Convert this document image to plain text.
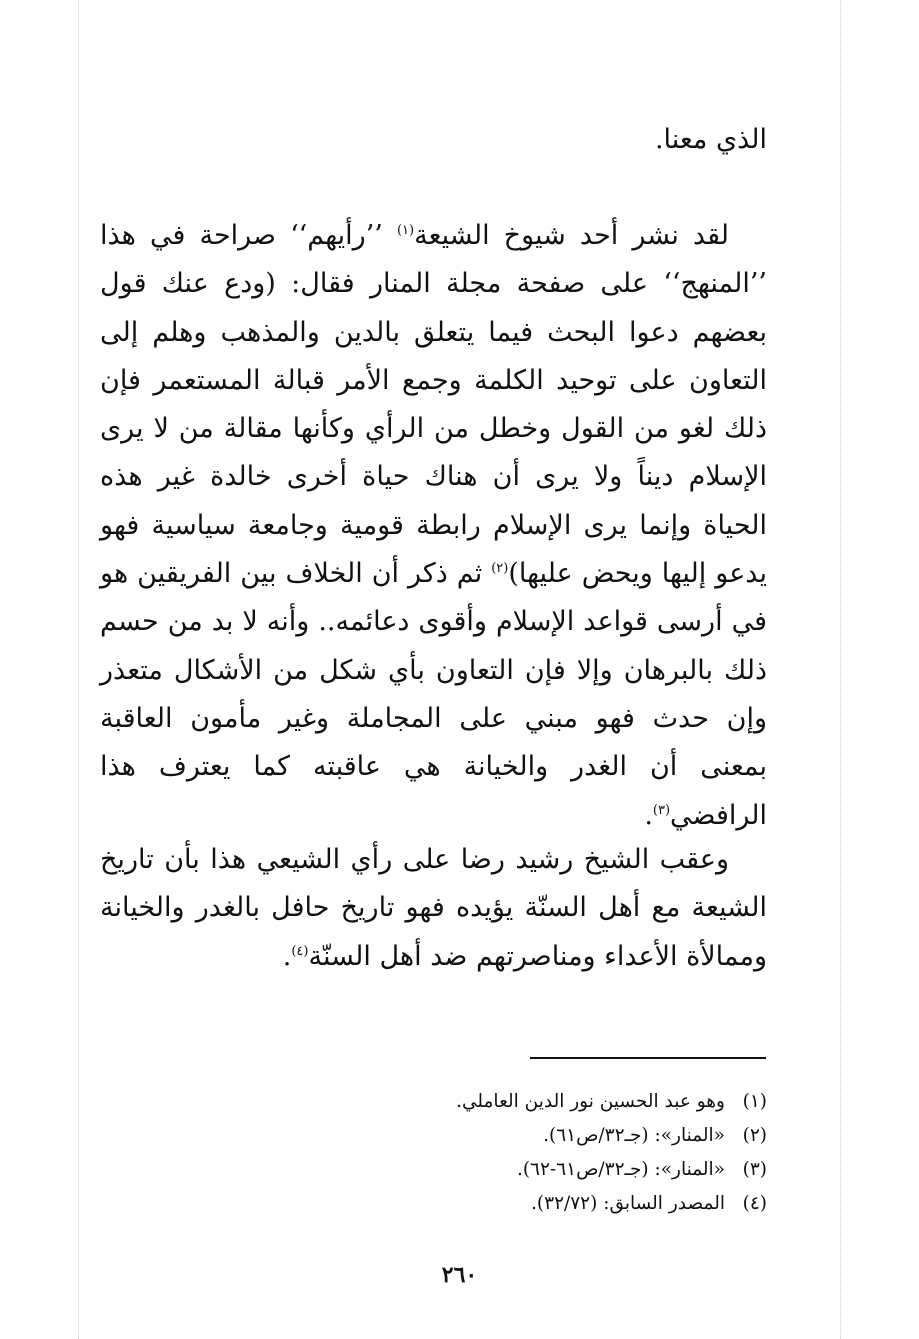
الذي معنا.

لقد نشر أحد شيوخ الشيعة$^{(١)}$ ’’رأيهم‘‘ صراحة في هذا ’’المنهج‘‘ على صفحة مجلة المنار فقال: (ودع عنك قول بعضهم دعوا البحث فيما يتعلق بالدين والمذهب وهلم إلى التعاون على توحيد الكلمة وجمع الأمر قبالة المستعمر فإن ذلك لغو من القول وخطل من الرأي وكأنها مقالة من لا يرى الإسلام ديناً ولا يرى أن هناك حياة أخرى خالدة غير هذه الحياة وإنما يرى الإسلام رابطة قومية وجامعة سياسية فهو يدعو إليها ويحض عليها)$^{(٢)}$ ثم ذكر أن الخلاف بين الفريقين هو في أرسى قواعد الإسلام وأقوى دعائمه.. وأنه لا بد من حسم ذلك بالبرهان وإلا فإن التعاون بأي شكل من الأشكال متعذر وإن حدث فهو مبني على المجاملة وغير مأمون العاقبة بمعنى أن الغدر والخيانة هي عاقبته كما يعترف هذا الرافضي$^{(٣)}$.

وعقب الشيخ رشيد رضا على رأي الشيعي هذا بأن تاريخ الشيعة مع أهل السنّة يؤيده فهو تاريخ حافل بالغدر والخيانة وممالأة الأعداء ومناصرتهم ضد أهل السنّة$^{(٤)}$.

(١)وهو عبد الحسين نور الدين العاملي.
(٢)«المنار»: (جـ٣٢/ص٦١).
(٣)«المنار»: (جـ٣٢/ص٦١-٦٢).
(٤)المصدر السابق: (٣٢/٧٢).
٢٦٠
